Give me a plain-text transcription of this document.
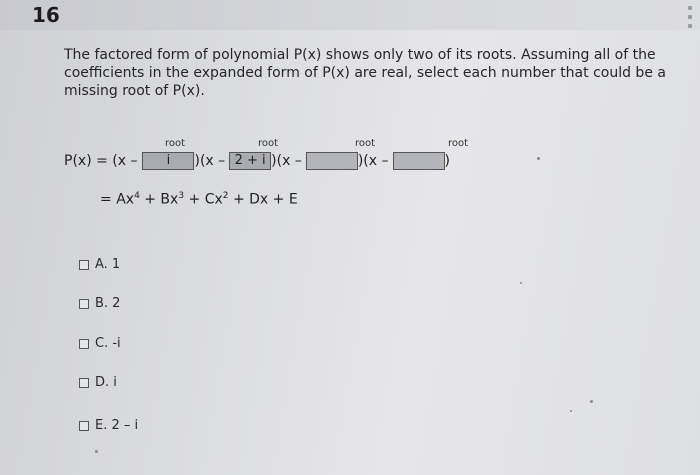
16
The factored form of polynomial P(x) shows only two of its roots. Assuming all of the coefficients in the expanded form of P(x) are real, select each number that could be a missing root of P(x).
root	root	root	root
P(x) = (x –	i	)(x – 2 + i )(x –	)(x –	)
= $Ax^4 + Bx^3 + Cx^2 + Dx + E$
A. 1
B. 2
C. -i
D. i
E. 2 – i
